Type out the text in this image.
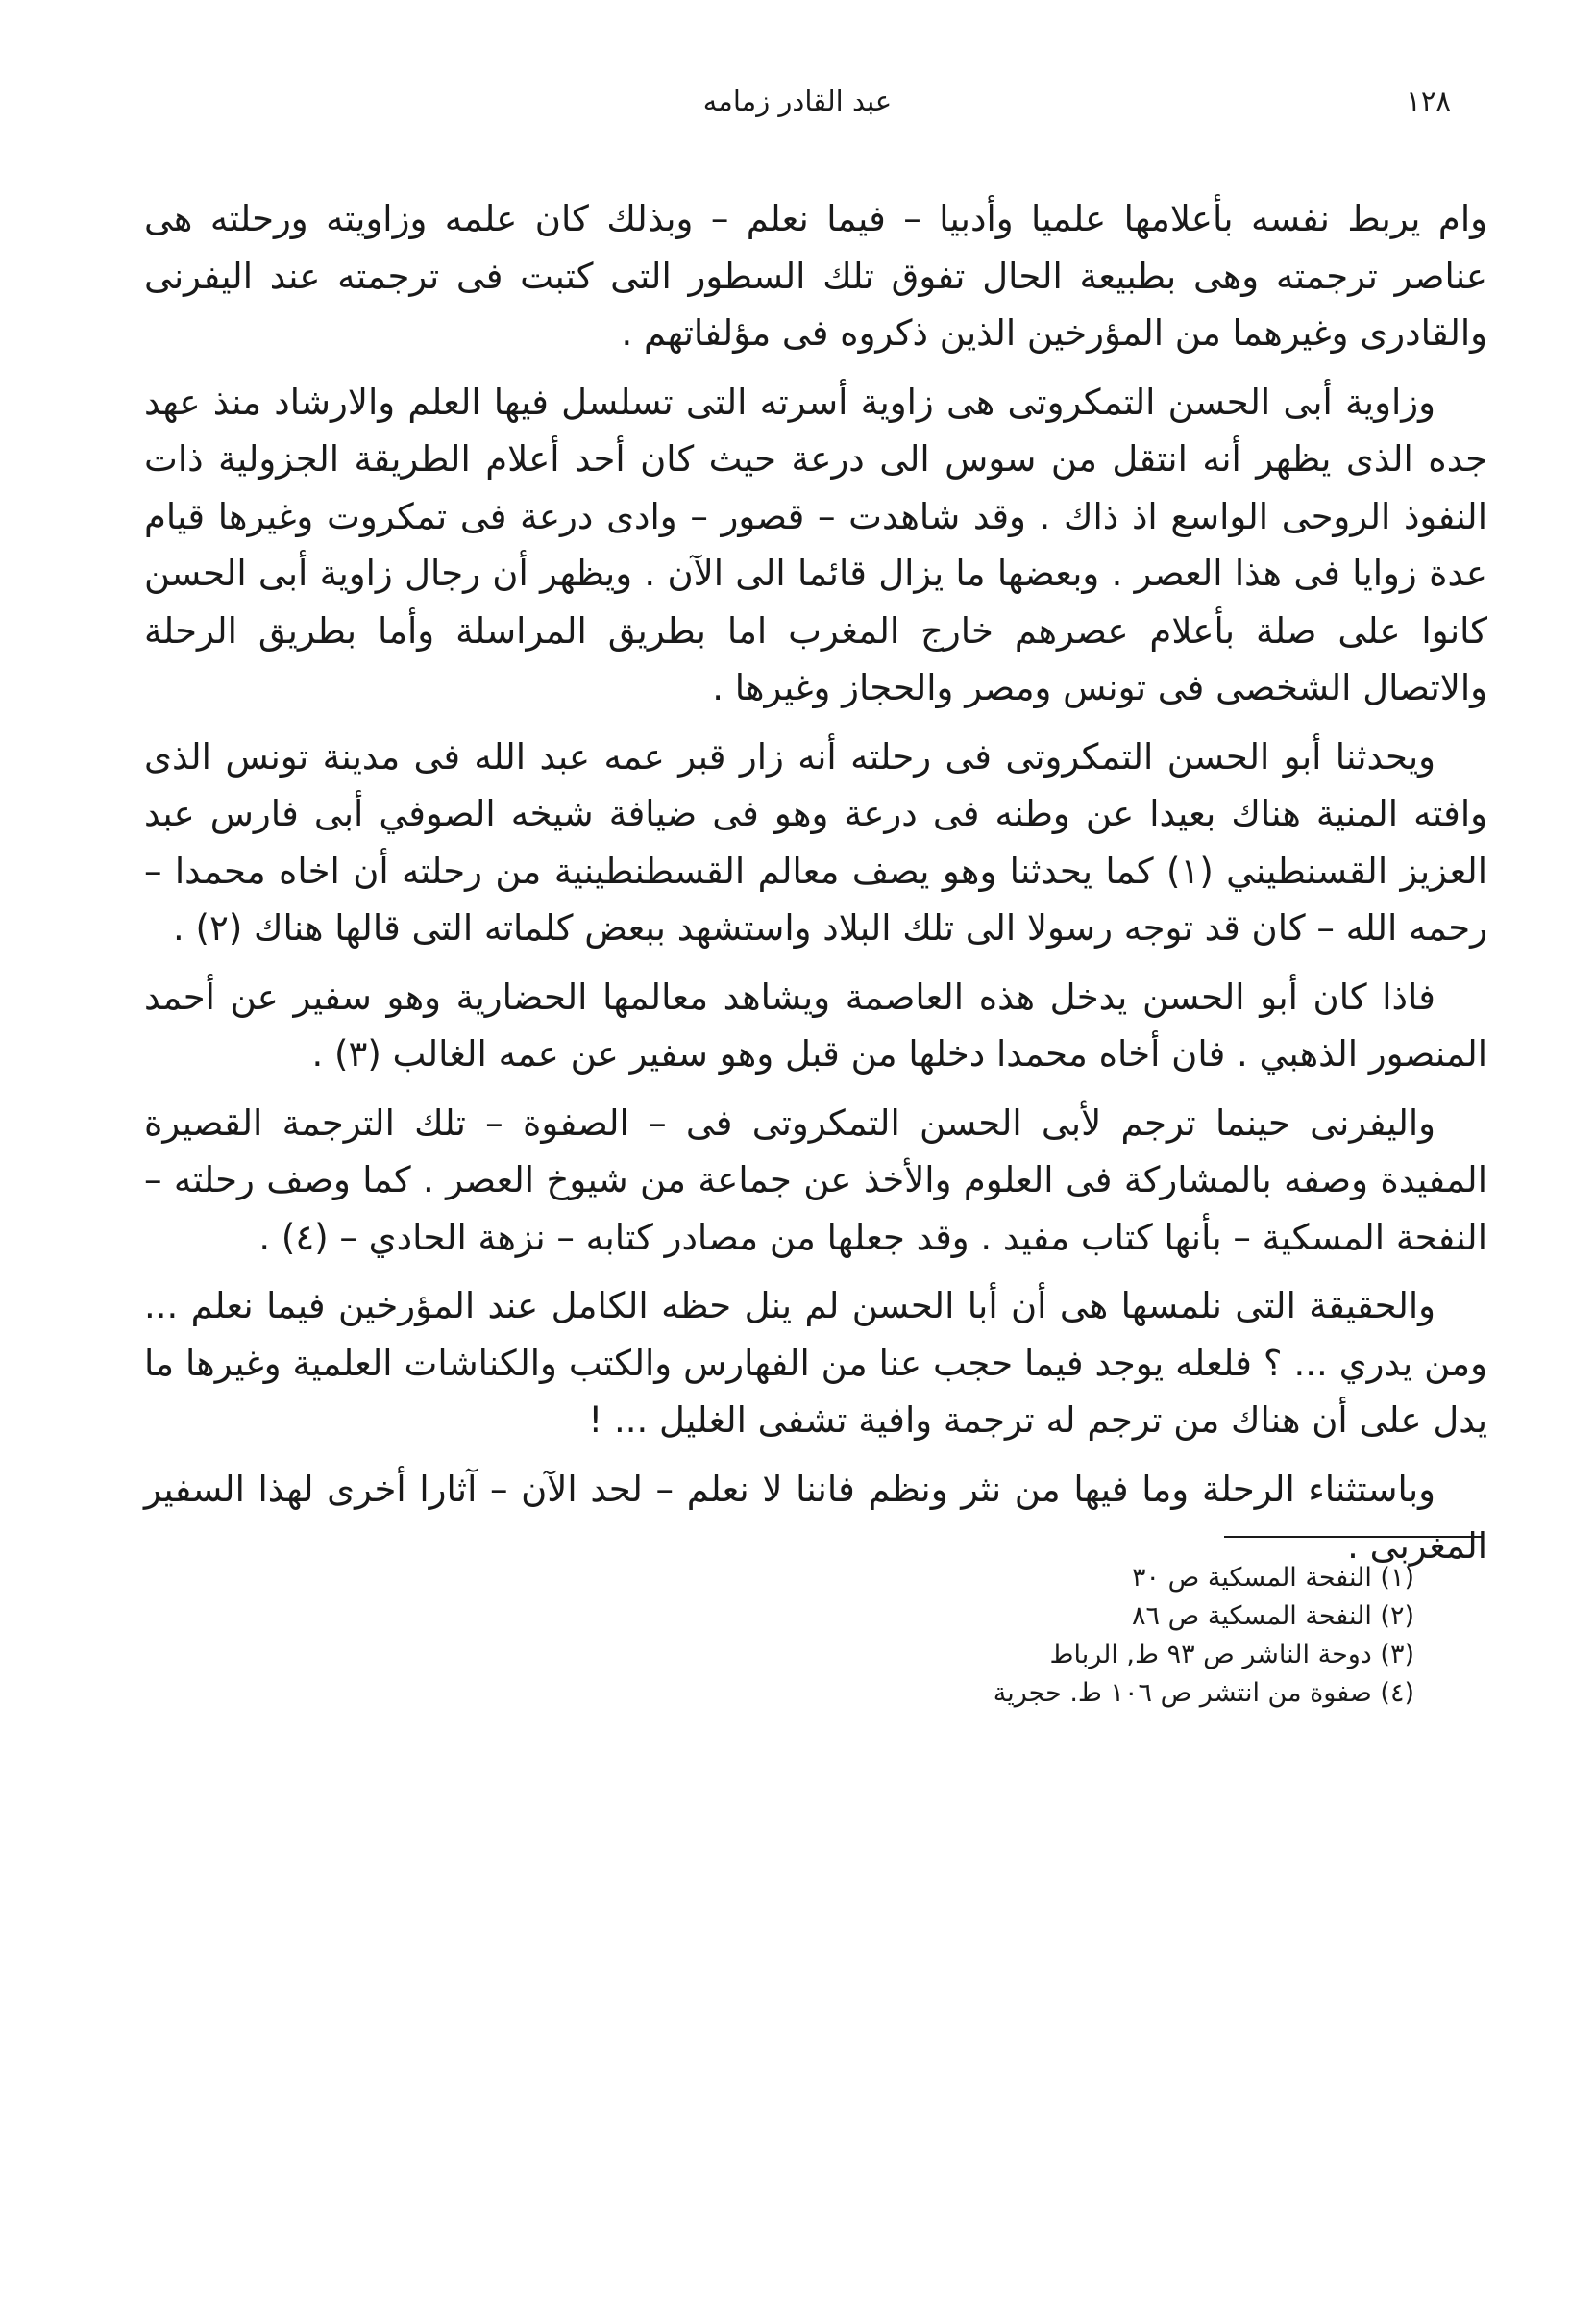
١٢٨
عبد القادر زمامه

وام يربط نفسه بأعلامها علميا وأدبيا – فيما نعلم – وبذلك كان علمه وزاويته ورحلته هى عناصر ترجمته وهى بطبيعة الحال تفوق تلك السطور التى كتبت فى ترجمته عند اليفرنى والقادرى وغيرهما من المؤرخين الذين ذكروه فى مؤلفاتهم .

وزاوية أبى الحسن التمكروتى هى زاوية أسرته التى تسلسل فيها العلم والارشاد منذ عهد جده الذى يظهر أنه انتقل من سوس الى درعة حيث كان أحد أعلام الطريقة الجزولية ذات النفوذ الروحى الواسع اذ ذاك . وقد شاهدت – قصور – وادى درعة فى تمكروت وغيرها قيام عدة زوايا فى هذا العصر . وبعضها ما يزال قائما الى الآن . ويظهر أن رجال زاوية أبى الحسن كانوا على صلة بأعلام عصرهم خارج المغرب اما بطريق المراسلة وأما بطريق الرحلة والاتصال الشخصى فى تونس ومصر والحجاز وغيرها .

ويحدثنا أبو الحسن التمكروتى فى رحلته أنه زار قبر عمه عبد الله فى مدينة تونس الذى وافته المنية هناك بعيدا عن وطنه فى درعة وهو فى ضيافة شيخه الصوفي أبى فارس عبد العزيز القسنطيني (١) كما يحدثنا وهو يصف معالم القسطنطينية من رحلته أن اخاه محمدا – رحمه الله – كان قد توجه رسولا الى تلك البلاد واستشهد ببعض كلماته التى قالها هناك (٢) .

فاذا كان أبو الحسن يدخل هذه العاصمة ويشاهد معالمها الحضارية وهو سفير عن أحمد المنصور الذهبي . فان أخاه محمدا دخلها من قبل وهو سفير عن عمه الغالب (٣) .

واليفرنى حينما ترجم لأبى الحسن التمكروتى فى – الصفوة – تلك الترجمة القصيرة المفيدة وصفه بالمشاركة فى العلوم والأخذ عن جماعة من شيوخ العصر . كما وصف رحلته – النفحة المسكية – بأنها كتاب مفيد . وقد جعلها من مصادر كتابه – نزهة الحادي – (٤) .

والحقيقة التى نلمسها هى أن أبا الحسن لم ينل حظه الكامل عند المؤرخين فيما نعلم ... ومن يدري ... ؟ فلعله يوجد فيما حجب عنا من الفهارس والكتب والكناشات العلمية وغيرها ما يدل على أن هناك من ترجم له ترجمة وافية تشفى الغليل ... !

وباستثناء الرحلة وما فيها من نثر ونظم فاننا لا نعلم – لحد الآن – آثارا أخرى لهذا السفير المغربى .

(١) النفحة المسكية ص ٣٠

(٢) النفحة المسكية ص ٨٦

(٣) دوحة الناشر ص ٩٣ ط, الرباط

(٤) صفوة من انتشر ص ١٠٦ ط. حجرية
